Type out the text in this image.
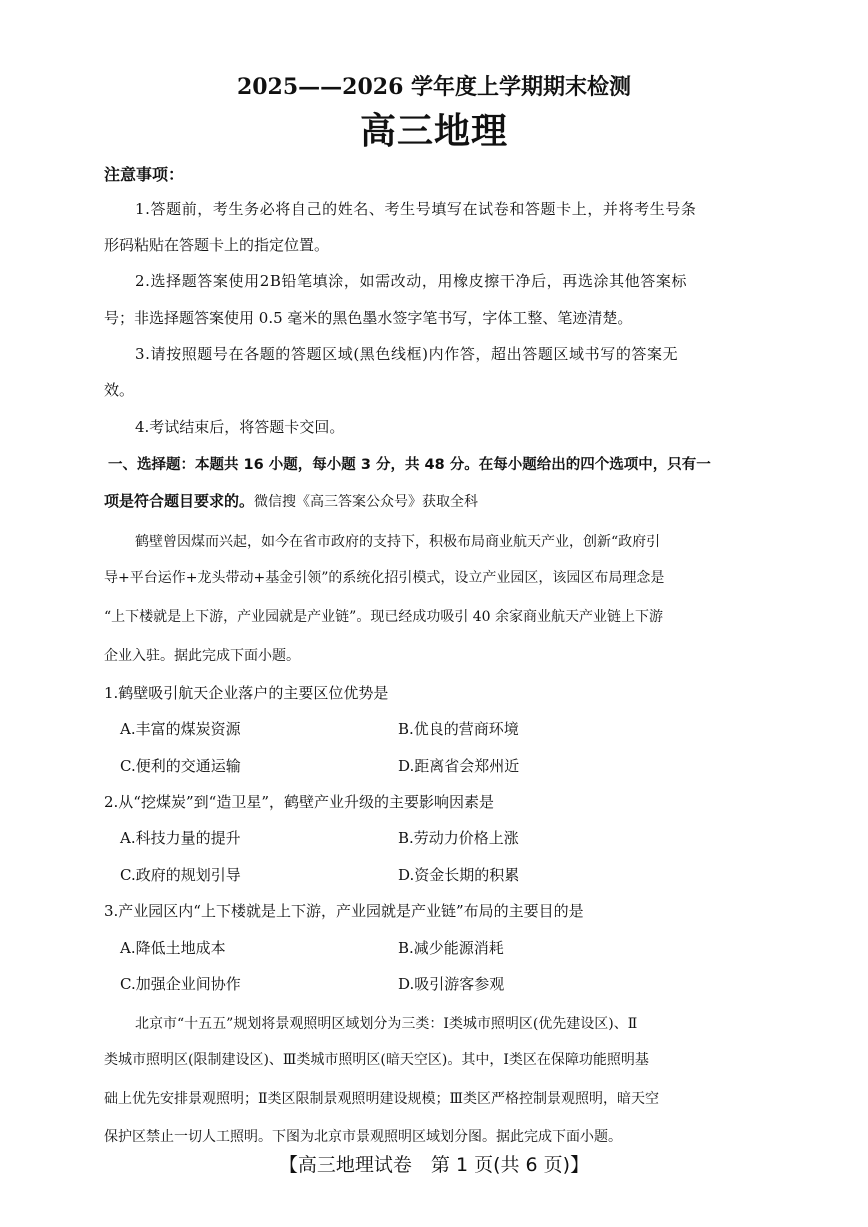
2025——2026 学年度上学期期末检测
高三地理
注意事项：
1.答题前，考生务必将自己的姓名、考生号填写在试卷和答题卡上，并将考生号条
形码粘贴在答题卡上的指定位置。
2.选择题答案使用2B铅笔填涂，如需改动，用橡皮擦干净后，再选涂其他答案标
号；非选择题答案使用 0.5 毫米的黑色墨水签字笔书写，字体工整、笔迹清楚。
3.请按照题号在各题的答题区域(黑色线框)内作答，超出答题区域书写的答案无
效。
4.考试结束后，将答题卡交回。
一、选择题：本题共 16 小题，每小题 3 分，共 48 分。在每小题给出的四个选项中，只有一
项是符合题目要求的。微信搜《高三答案公众号》获取全科
鹤壁曾因煤而兴起，如今在省市政府的支持下，积极布局商业航天产业，创新“政府引
导+平台运作+龙头带动+基金引领”的系统化招引模式，设立产业园区，该园区布局理念是
“上下楼就是上下游，产业园就是产业链”。现已经成功吸引 40 余家商业航天产业链上下游
企业入驻。据此完成下面小题。
1.鹤壁吸引航天企业落户的主要区位优势是
A.丰富的煤炭资源	B.优良的营商环境
C.便利的交通运输	D.距离省会郑州近
2.从“挖煤炭”到“造卫星”，鹤壁产业升级的主要影响因素是
A.科技力量的提升	B.劳动力价格上涨
C.政府的规划引导	D.资金长期的积累
3.产业园区内“上下楼就是上下游，产业园就是产业链”布局的主要目的是
A.降低土地成本	B.减少能源消耗
C.加强企业间协作	D.吸引游客参观
北京市“十五五”规划将景观照明区域划分为三类：Ⅰ类城市照明区(优先建设区)、Ⅱ
类城市照明区(限制建设区)、Ⅲ类城市照明区(暗天空区)。其中，Ⅰ类区在保障功能照明基
础上优先安排景观照明；Ⅱ类区限制景观照明建设规模；Ⅲ类区严格控制景观照明，暗天空
保护区禁止一切人工照明。下图为北京市景观照明区域划分图。据此完成下面小题。
【高三地理试卷　第 1 页(共 6 页)】
